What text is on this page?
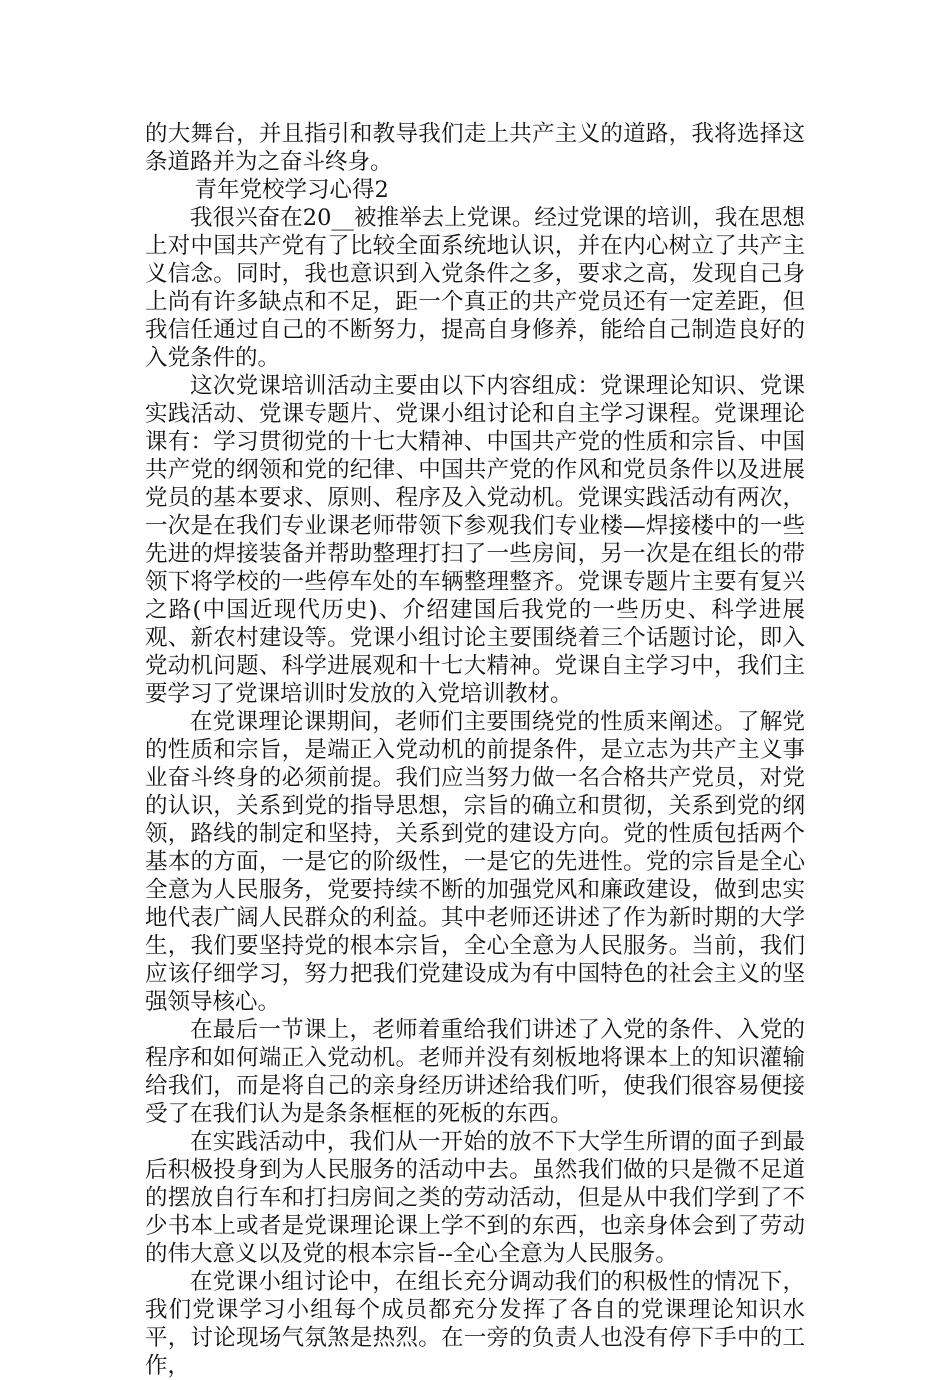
的大舞台，并且指引和教导我们走上共产主义的道路，我将选择这条道路并为之奋斗终身。

青年党校学习心得2

我很兴奋在20__被推举去上党课。经过党课的培训，我在思想上对中国共产党有了比较全面系统地认识，并在内心树立了共产主义信念。同时，我也意识到入党条件之多，要求之高，发现自己身上尚有许多缺点和不足，距一个真正的共产党员还有一定差距，但我信任通过自己的不断努力，提高自身修养，能给自己制造良好的入党条件的。

这次党课培训活动主要由以下内容组成：党课理论知识、党课实践活动、党课专题片、党课小组讨论和自主学习课程。党课理论课有：学习贯彻党的十七大精神、中国共产党的性质和宗旨、中国共产党的纲领和党的纪律、中国共产党的作风和党员条件以及进展党员的基本要求、原则、程序及入党动机。党课实践活动有两次，一次是在我们专业课老师带领下参观我们专业楼—焊接楼中的一些先进的焊接装备并帮助整理打扫了一些房间，另一次是在组长的带领下将学校的一些停车处的车辆整理整齐。党课专题片主要有复兴之路(中国近现代历史)、介绍建国后我党的一些历史、科学进展观、新农村建设等。党课小组讨论主要围绕着三个话题讨论，即入党动机问题、科学进展观和十七大精神。党课自主学习中，我们主要学习了党课培训时发放的入党培训教材。

在党课理论课期间，老师们主要围绕党的性质来阐述。了解党的性质和宗旨，是端正入党动机的前提条件，是立志为共产主义事业奋斗终身的必须前提。我们应当努力做一名合格共产党员，对党的认识，关系到党的指导思想，宗旨的确立和贯彻，关系到党的纲领，路线的制定和坚持，关系到党的建设方向。党的性质包括两个基本的方面，一是它的阶级性，一是它的先进性。党的宗旨是全心全意为人民服务，党要持续不断的加强党风和廉政建设，做到忠实地代表广阔人民群众的利益。其中老师还讲述了作为新时期的大学生，我们要坚持党的根本宗旨，全心全意为人民服务。当前，我们应该仔细学习，努力把我们党建设成为有中国特色的社会主义的坚强领导核心。

在最后一节课上，老师着重给我们讲述了入党的条件、入党的程序和如何端正入党动机。老师并没有刻板地将课本上的知识灌输给我们，而是将自己的亲身经历讲述给我们听，使我们很容易便接受了在我们认为是条条框框的死板的东西。

在实践活动中，我们从一开始的放不下大学生所谓的面子到最后积极投身到为人民服务的活动中去。虽然我们做的只是微不足道的摆放自行车和打扫房间之类的劳动活动，但是从中我们学到了不少书本上或者是党课理论课上学不到的东西，也亲身体会到了劳动的伟大意义以及党的根本宗旨--全心全意为人民服务。

在党课小组讨论中，在组长充分调动我们的积极性的情况下，我们党课学习小组每个成员都充分发挥了各自的党课理论知识水平，讨论现场气氛煞是热烈。在一旁的负责人也没有停下手中的工作，
